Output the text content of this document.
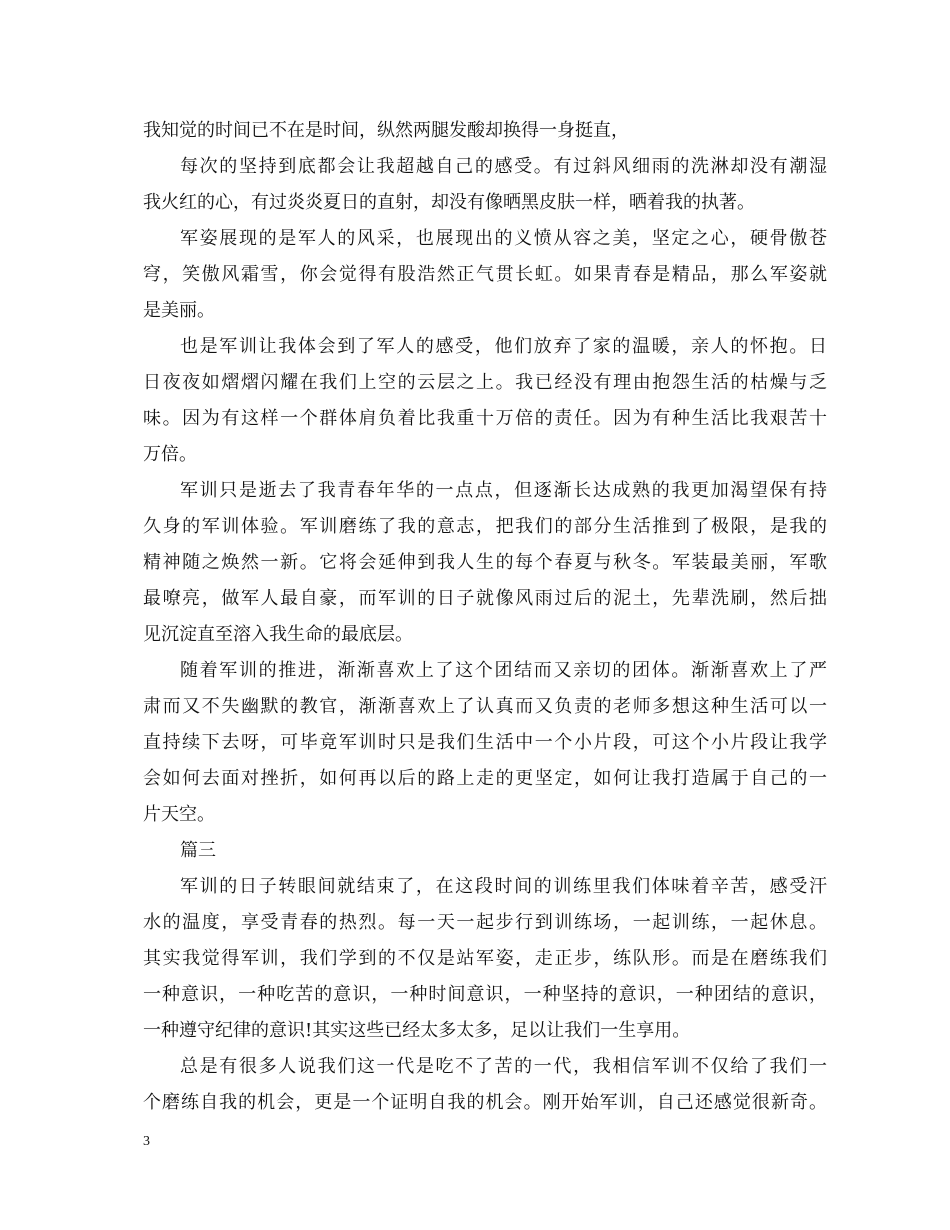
我知觉的时间已不在是时间，纵然两腿发酸却换得一身挺直，
每次的坚持到底都会让我超越自己的感受。有过斜风细雨的洗淋却没有潮湿
我火红的心，有过炎炎夏日的直射，却没有像晒黑皮肤一样，晒着我的执著。
军姿展现的是军人的风采，也展现出的义愤从容之美，坚定之心，硬骨傲苍
穹，笑傲风霜雪，你会觉得有股浩然正气贯长虹。如果青春是精品，那么军姿就
是美丽。
也是军训让我体会到了军人的感受，他们放弃了家的温暖，亲人的怀抱。日
日夜夜如熠熠闪耀在我们上空的云层之上。我已经没有理由抱怨生活的枯燥与乏
味。因为有这样一个群体肩负着比我重十万倍的责任。因为有种生活比我艰苦十
万倍。
军训只是逝去了我青春年华的一点点，但逐渐长达成熟的我更加渴望保有持
久身的军训体验。军训磨练了我的意志，把我们的部分生活推到了极限，是我的
精神随之焕然一新。它将会延伸到我人生的每个春夏与秋冬。军装最美丽，军歌
最嘹亮，做军人最自豪，而军训的日子就像风雨过后的泥土，先辈洗刷，然后拙
见沉淀直至溶入我生命的最底层。
随着军训的推进，渐渐喜欢上了这个团结而又亲切的团体。渐渐喜欢上了严
肃而又不失幽默的教官，渐渐喜欢上了认真而又负责的老师多想这种生活可以一
直持续下去呀，可毕竟军训时只是我们生活中一个小片段，可这个小片段让我学
会如何去面对挫折，如何再以后的路上走的更坚定，如何让我打造属于自己的一
片天空。
篇三
军训的日子转眼间就结束了，在这段时间的训练里我们体味着辛苦，感受汗
水的温度，享受青春的热烈。每一天一起步行到训练场，一起训练，一起休息。
其实我觉得军训，我们学到的不仅是站军姿，走正步，练队形。而是在磨练我们
一种意识，一种吃苦的意识，一种时间意识，一种坚持的意识，一种团结的意识，
一种遵守纪律的意识!其实这些已经太多太多，足以让我们一生享用。
总是有很多人说我们这一代是吃不了苦的一代，我相信军训不仅给了我们一
个磨练自我的机会，更是一个证明自我的机会。刚开始军训，自己还感觉很新奇。
3
